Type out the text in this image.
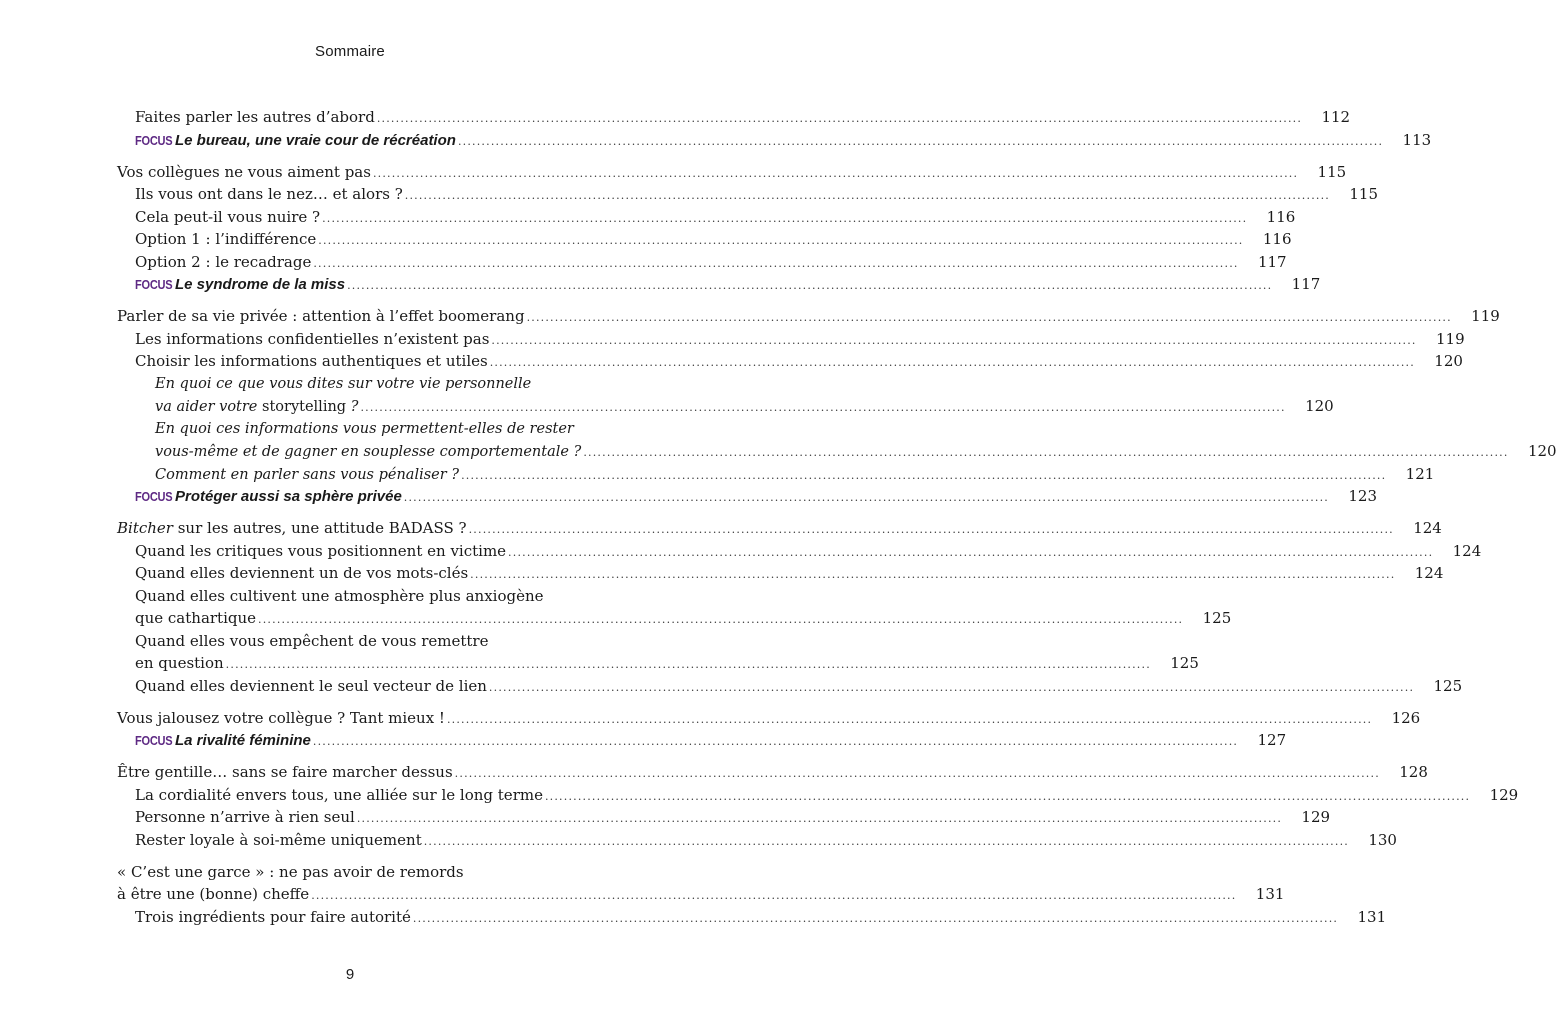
Sommaire
Faites parler les autres d’abord .....	112
FOCUS Le bureau, une vraie cour de récréation .....	113
Vos collègues ne vous aiment pas .....	115
Ils vous ont dans le nez… et alors ? .....	115
Cela peut-il vous nuire ? .....	116
Option 1 : l’indifférence .....	116
Option 2 : le recadrage .....	117
FOCUS Le syndrome de la miss .....	117
Parler de sa vie privée : attention à l’effet boomerang .....	119
Les informations confidentielles n’existent pas .....	119
Choisir les informations authentiques et utiles .....	120
En quoi ce que vous dites sur votre vie personnelle
va aider votre storytelling ? .....	120
En quoi ces informations vous permettent-elles de rester
vous-même et de gagner en souplesse comportementale ? .....	120
Comment en parler sans vous pénaliser ? .....	121
FOCUS Protéger aussi sa sphère privée .....	123
Bitcher sur les autres, une attitude BADASS ? .....	124
Quand les critiques vous positionnent en victime .....	124
Quand elles deviennent un de vos mots-clés .....	124
Quand elles cultivent une atmosphère plus anxiogène
que cathartique .....	125
Quand elles vous empêchent de vous remettre
en question .....	125
Quand elles deviennent le seul vecteur de lien .....	125
Vous jalousez votre collègue ? Tant mieux ! .....	126
FOCUS La rivalité féminine .....	127
Être gentille… sans se faire marcher dessus .....	128
La cordialité envers tous, une alliée sur le long terme .....	129
Personne n’arrive à rien seul .....	129
Rester loyale à soi-même uniquement .....	130
« C’est une garce » : ne pas avoir de remords
à être une (bonne) cheffe .....	131
Trois ingrédients pour faire autorité .....	131
9
